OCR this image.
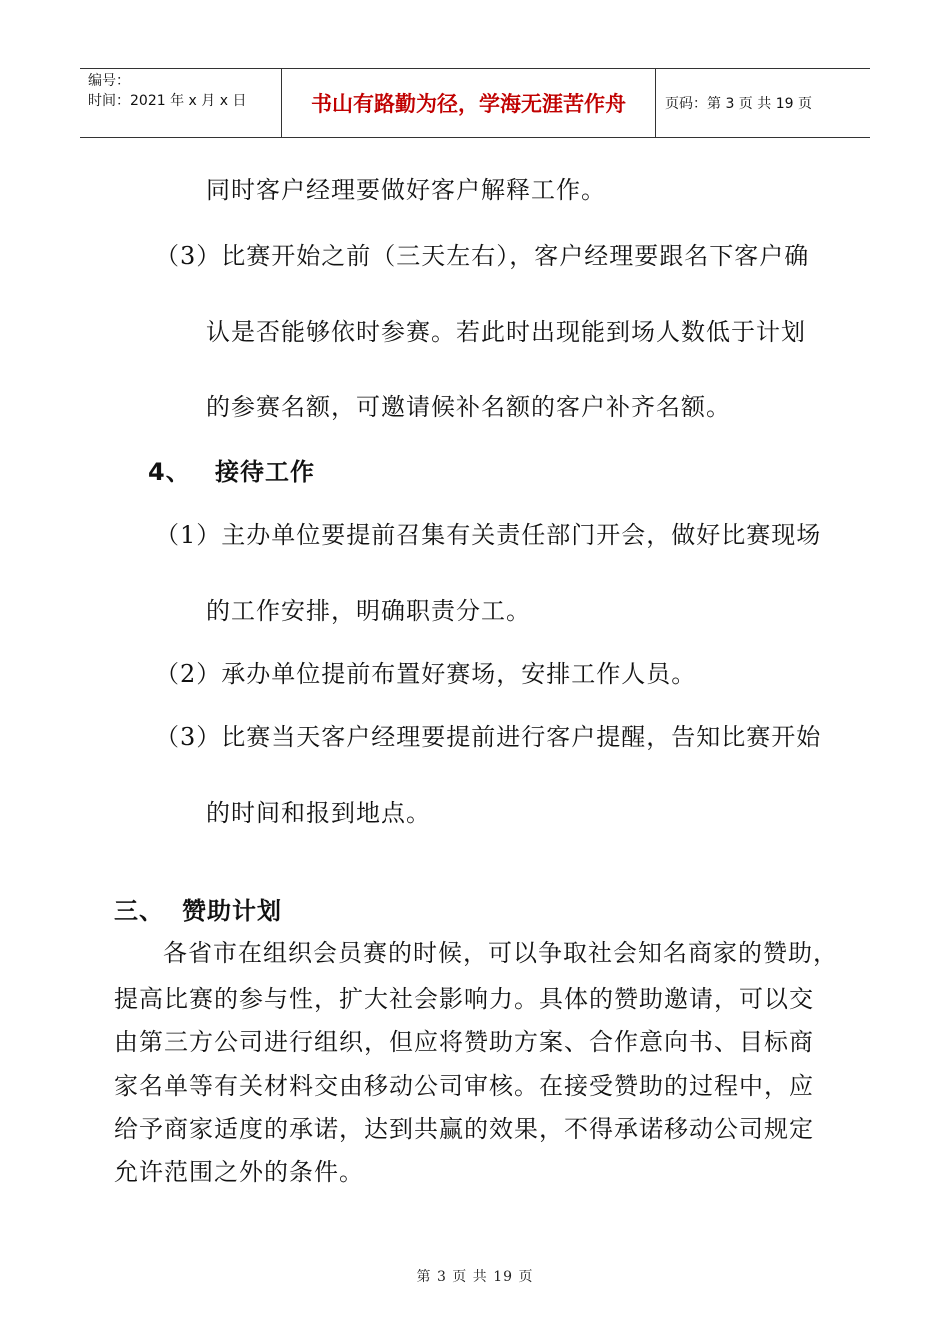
编号：
时间：2021 年 x 月 x 日	书山有路勤为径，学海无涯苦作舟	页码：第 3 页 共 19 页
同时客户经理要做好客户解释工作。
（3）比赛开始之前（三天左右），客户经理要跟名下客户确
认是否能够依时参赛。若此时出现能到场人数低于计划
的参赛名额，可邀请候补名额的客户补齐名额。
4、 接待工作
（1）主办单位要提前召集有关责任部门开会，做好比赛现场
的工作安排，明确职责分工。
（2）承办单位提前布置好赛场，安排工作人员。
（3）比赛当天客户经理要提前进行客户提醒，告知比赛开始
的时间和报到地点。
三、 赞助计划
各省市在组织会员赛的时候，可以争取社会知名商家的赞助，
提高比赛的参与性，扩大社会影响力。具体的赞助邀请，可以交
由第三方公司进行组织，但应将赞助方案、合作意向书、目标商
家名单等有关材料交由移动公司审核。在接受赞助的过程中，应
给予商家适度的承诺，达到共赢的效果，不得承诺移动公司规定
允许范围之外的条件。
第 3 页 共 19 页
